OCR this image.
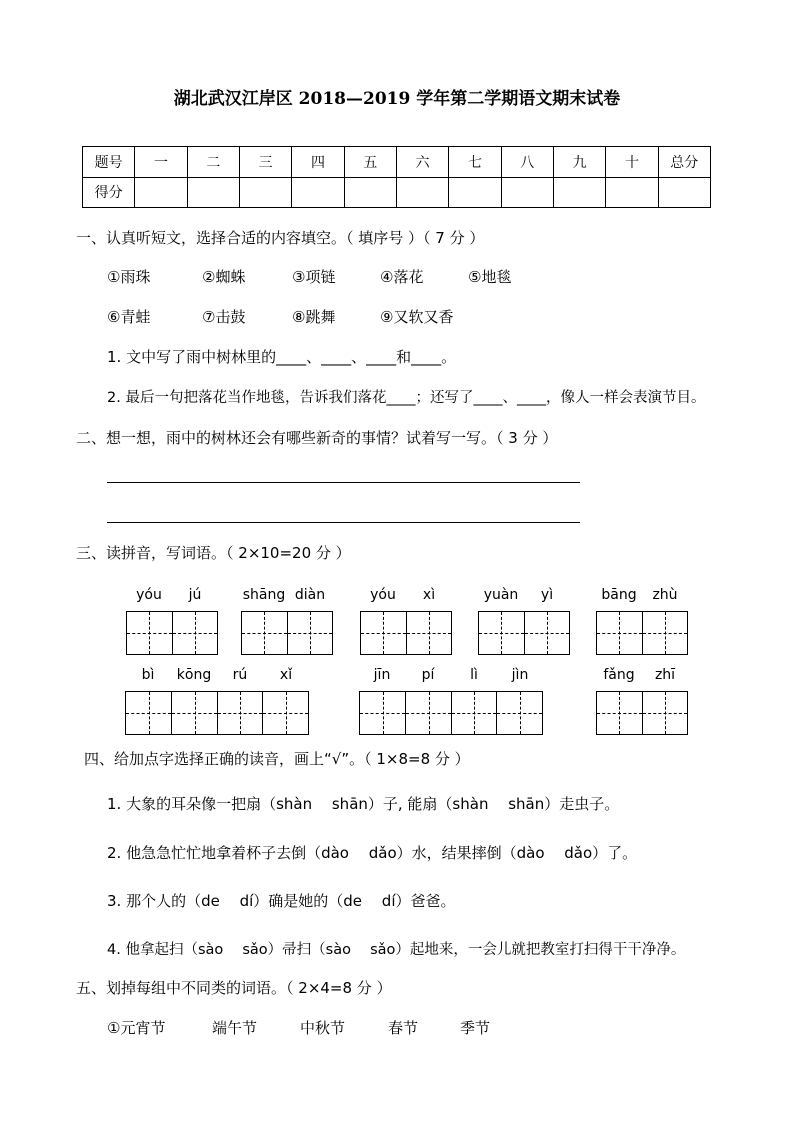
湖北武汉江岸区 2018—2019 学年第二学期语文期末试卷
题号	一	二	三	四	五	六	七	八	九	十	总分
得分											
一、认真听短文，选择合适的内容填空。（ 填序号 ）（ 7 分 ）
①雨珠	②蜘蛛	③项链	④落花	⑤地毯
⑥青蛙	⑦击鼓	⑧跳舞	⑨又软又香
1. 文中写了雨中树林里的____、____、____和____。
2. 最后一句把落花当作地毯，告诉我们落花____；还写了____、____，像人一样会表演节目。
二、想一想，雨中的树林还会有哪些新奇的事情？试着写一写。（ 3 分 ）
三、读拼音，写词语。（ 2×10=20 分 ）
yóu	jú	shāng diàn	yóu	xì	yuàn	yì	bāng	zhù
bì	kōng	rú	xǐ	jīn	pí	lì	jìn	fǎng	zhī
四、给加点字选择正确的读音，画上“√”。（ 1×8=8 分 ）
1. 大象的耳朵像一把扇（shàn　 shān）子, 能扇（shàn　 shān）走虫子。
2. 他急急忙忙地拿着杯子去倒（dào　 dǎo）水，结果摔倒（dào　 dǎo）了。
3. 那个人的（de　 dí）确是她的（de　 dí）爸爸。
4. 他拿起扫（sào　 sǎo）帚扫（sào　 sǎo）起地来，一会儿就把教室打扫得干干净净。
五、划掉每组中不同类的词语。（ 2×4=8 分 ）
①元宵节	端午节	中秋节	春节	季节
